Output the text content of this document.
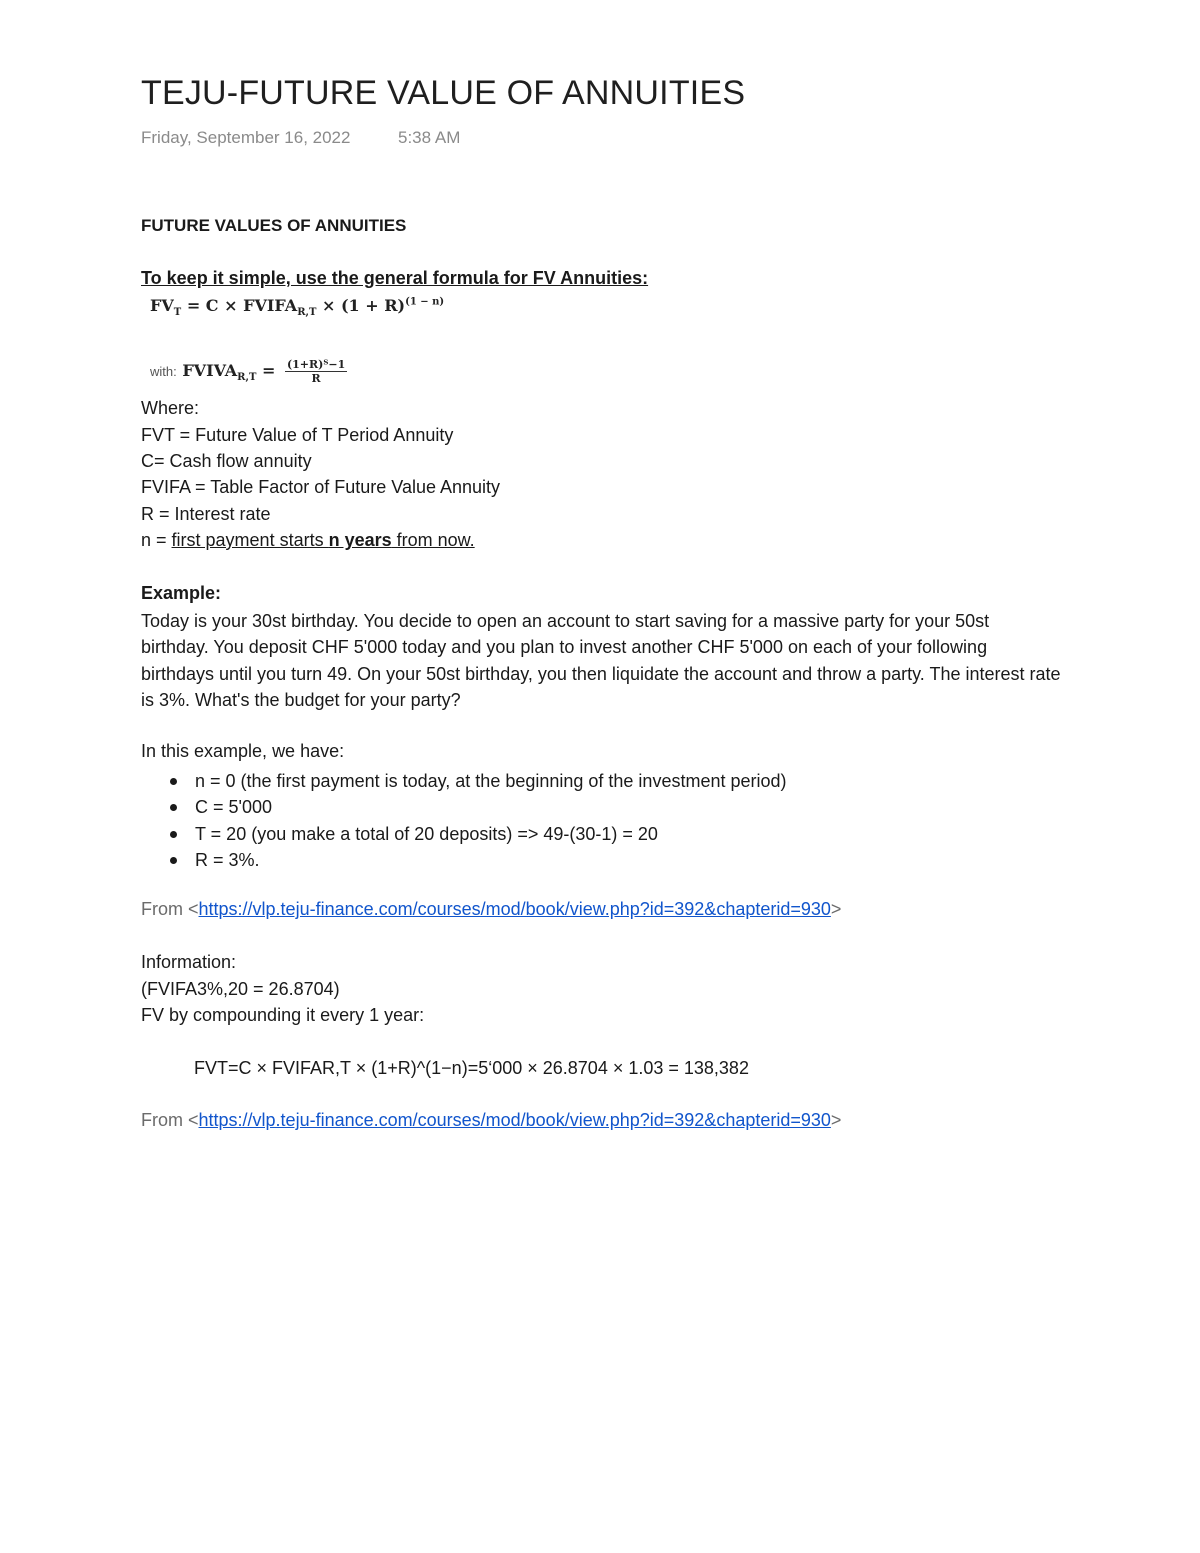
TEJU-FUTURE VALUE OF ANNUITIES
Friday, September 16, 2022	5:38 AM
FUTURE VALUES OF ANNUITIES
To keep it simple, use the general formula for FV Annuities:
$FV_T = C$ × $FVIFA_{R,T} \times (1 + R)^{(1 - n)}$
with: $FVIVA_{R,T} = \frac{\text{(1+R)ᵀ−1}}{R}$
Where:
FVT = Future Value of T Period Annuity
C= Cash flow annuity
FVIFA = Table Factor of Future Value Annuity
R = Interest rate
n = first payment starts n years from now.
Example:
Today is your 30st birthday. You decide to open an account to start saving for a massive party for your 50st birthday. You deposit CHF 5'000 today and you plan to invest another CHF 5'000 on each of your following birthdays until you turn 49. On your 50st birthday, you then liquidate the account and throw a party. The interest rate is 3%. What's the budget for your party?
In this example, we have:
n = 0 (the first payment is today, at the beginning of the investment period)
C = 5'000
T = 20 (you make a total of 20 deposits) => 49-(30-1) = 20
R = 3%.
From <https://vlp.teju-finance.com/courses/mod/book/view.php?id=392&chapterid=930>
Information:
(FVIFA3%,20 = 26.8704)
FV by compounding it every 1 year:
FVT=C × FVIFAR,T × (1+R)^(1−n)=5‘000 × 26.8704 × 1.03 = 138,382
From <https://vlp.teju-finance.com/courses/mod/book/view.php?id=392&chapterid=930>
